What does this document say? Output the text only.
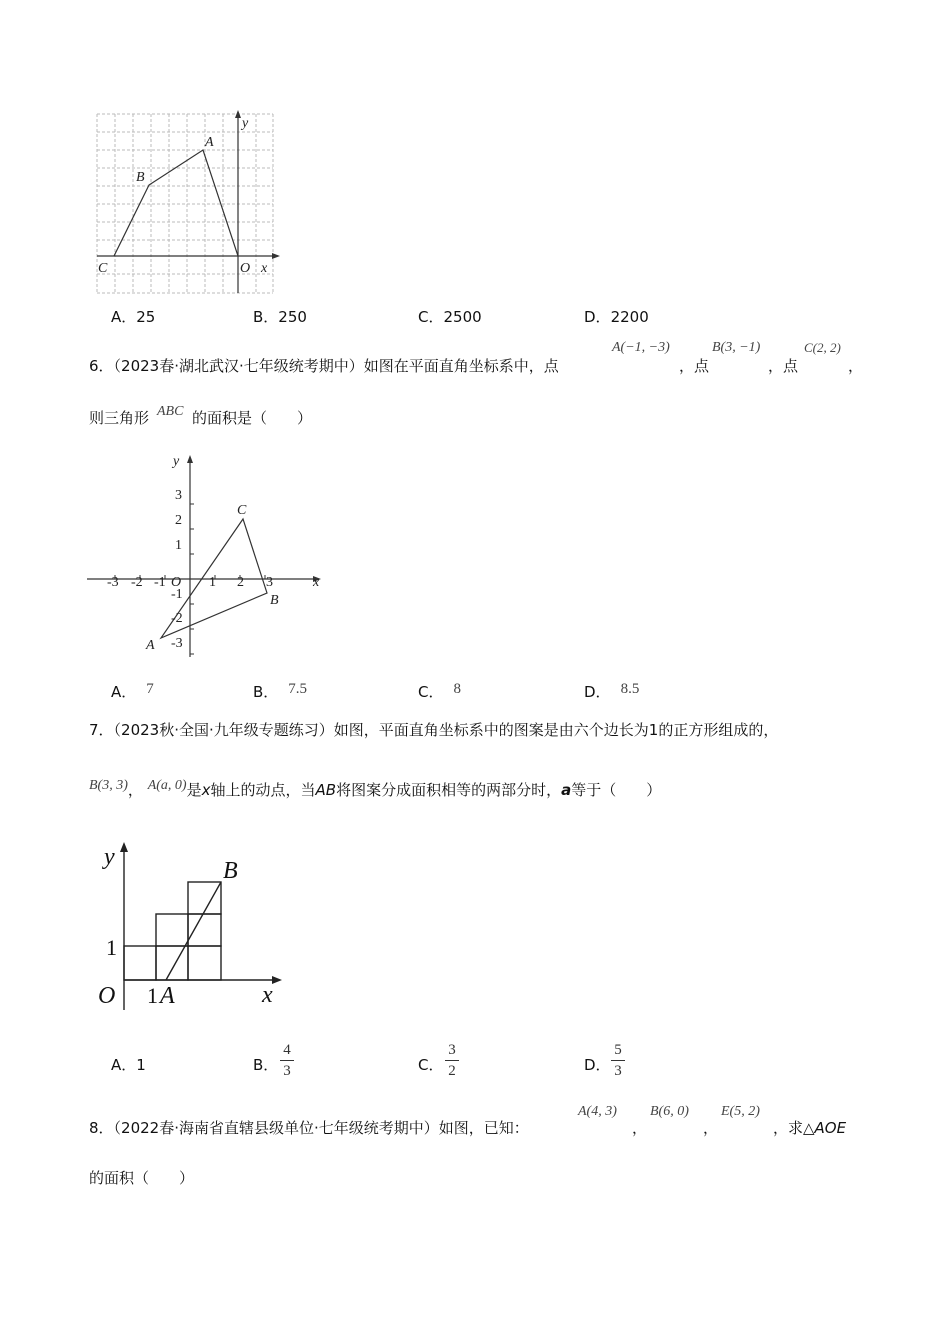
B
A
C	O x
y
A．25	B．250	C．2500	D．2200
6．（2023春·湖北武汉·七年级统考期中）如图在平面直角坐标系中，点
A(−1, −3)
，点
B(3, −1)
，点
C(2, 2)
，
则三角形 ABC 的面积是（　　）
-3 -2 -1 O 1 2 3
3
2
1
-1
-2
-3
x
y
C
B
A
A． 7	B． 7.5	C． 8	D． 8.5
7．（2023秋·全国·九年级专题练习）如图，平面直角坐标系中的图案是由六个边长为1的正方形组成的，
B(3, 3)， A(a, 0)是x轴上的动点，当AB将图案分成面积相等的两部分时，a等于（　　）
y
x
O
1
1 A
B
A．1	B．
4
3	C．
3
2	D．
5
3
8．（2022春·海南省直辖县级单位·七年级统考期中）如图，已知：
A(4, 3)
，
B(6, 0)
，
E(5, 2)
，求△AOE
的面积（　　）
